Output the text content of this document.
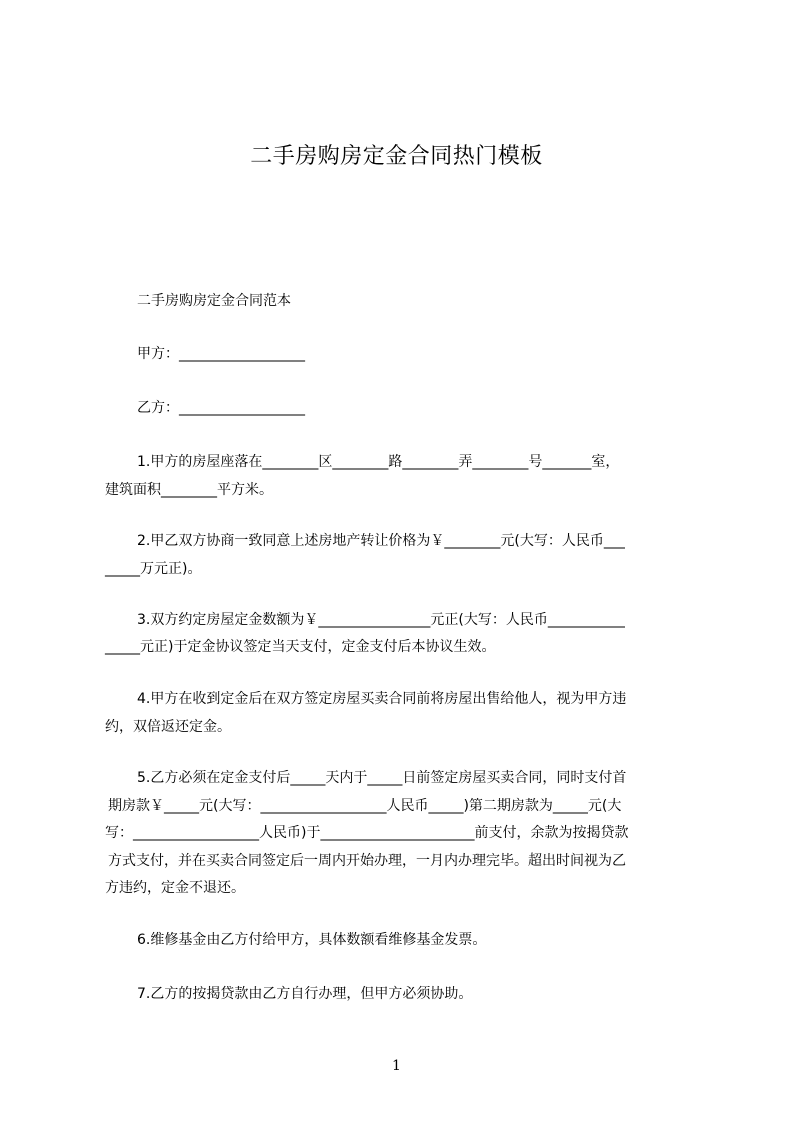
二手房购房定金合同热门模板
二手房购房定金合同范本
甲方：__________________
乙方：__________________
1.甲方的房屋座落在________区________路________弄________号_______室，
建筑面积________平方米。
2.甲乙双方协商一致同意上述房地产转让价格为￥________元(大写：人民币___
_____万元正)。
3.双方约定房屋定金数额为￥________________元正(大写：人民币___________
_____元正)于定金协议签定当天支付，定金支付后本协议生效。
4.甲方在收到定金后在双方签定房屋买卖合同前将房屋出售给他人，视为甲方违
约，双倍返还定金。
5.乙方必须在定金支付后_____天内于_____日前签定房屋买卖合同，同时支付首
期房款￥_____元(大写：__________________人民币_____)第二期房款为_____元(大
写：__________________人民币)于______________________前支付，余款为按揭贷款
方式支付，并在买卖合同签定后一周内开始办理，一月内办理完毕。超出时间视为乙
方违约，定金不退还。
6.维修基金由乙方付给甲方，具体数额看维修基金发票。
7.乙方的按揭贷款由乙方自行办理，但甲方必须协助。
1
